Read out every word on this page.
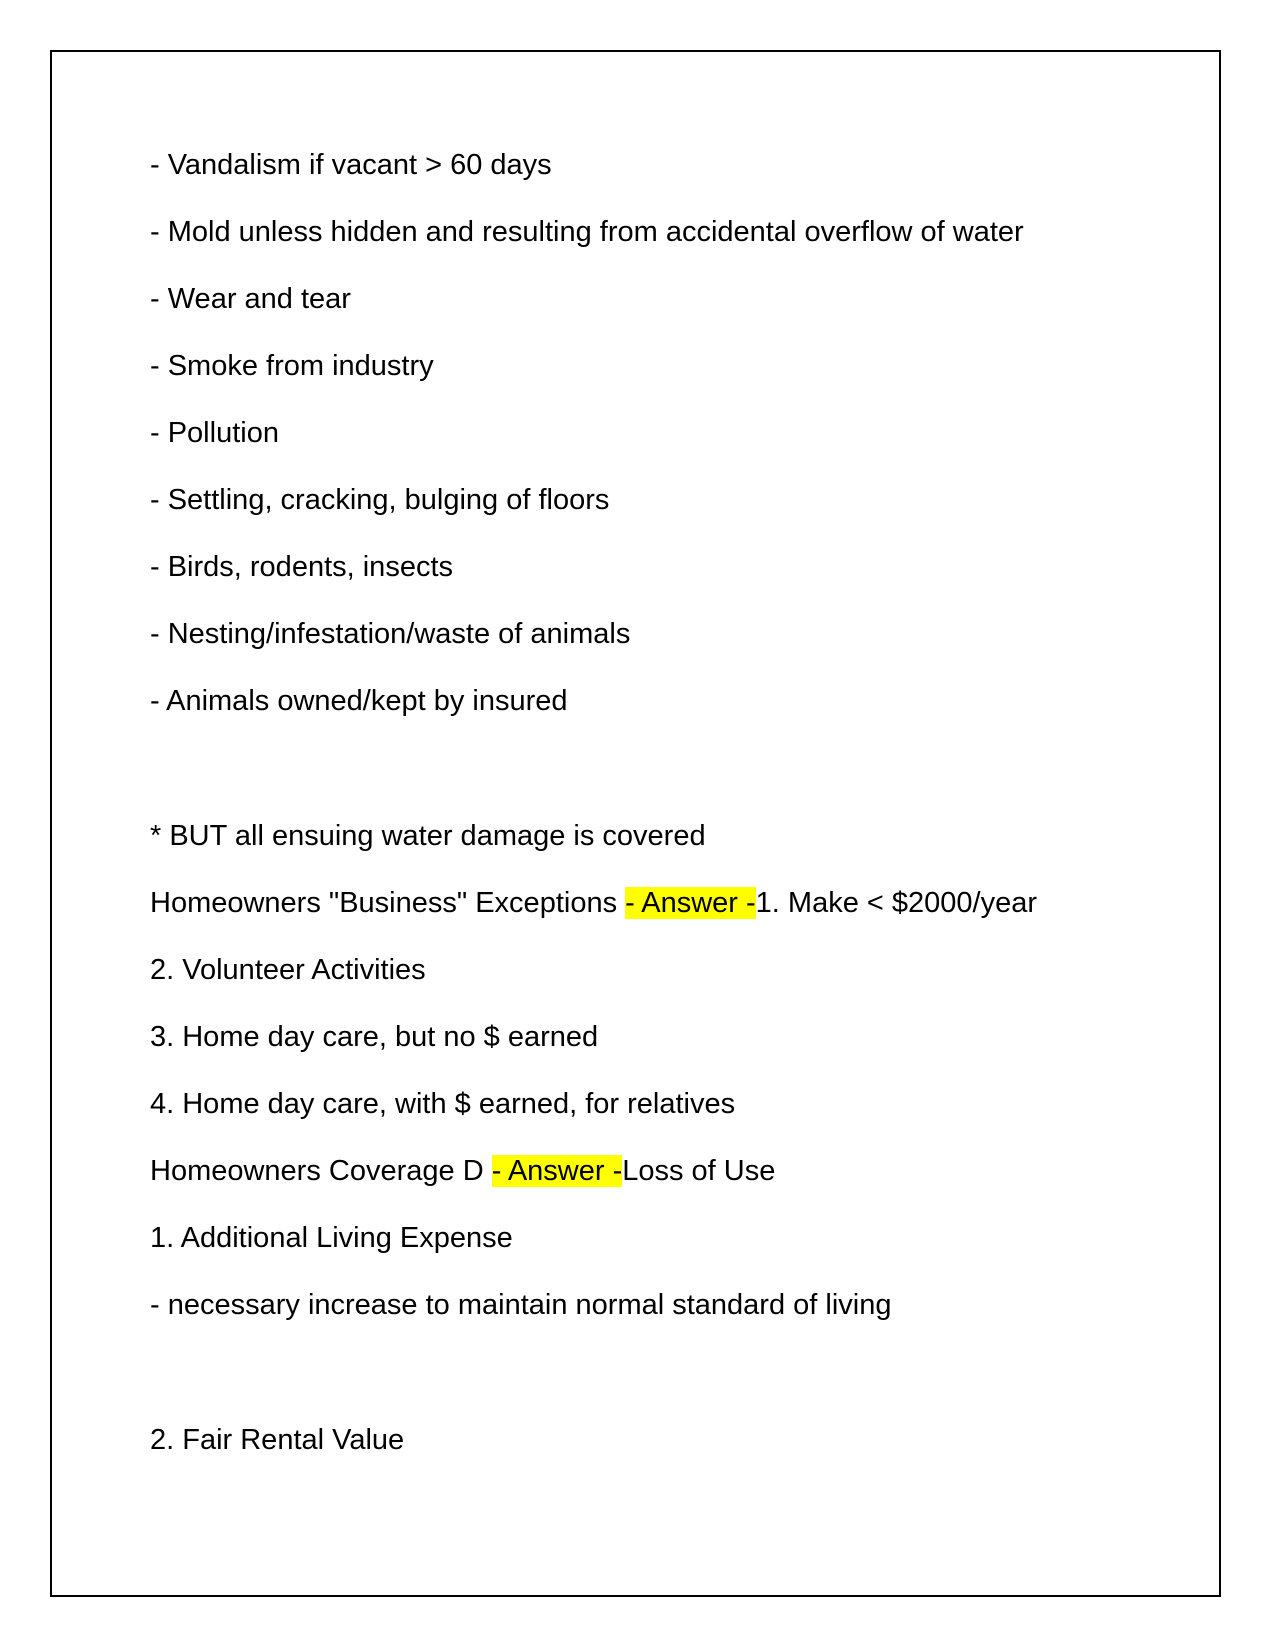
- Vandalism if vacant > 60 days
- Mold unless hidden and resulting from accidental overflow of water
- Wear and tear
- Smoke from industry
- Pollution
- Settling, cracking, bulging of floors
- Birds, rodents, insects
- Nesting/infestation/waste of animals
- Animals owned/kept by insured
* BUT all ensuing water damage is covered
Homeowners "Business" Exceptions - Answer -1. Make < $2000/year
2. Volunteer Activities
3. Home day care, but no $ earned
4. Home day care, with $ earned, for relatives
Homeowners Coverage D - Answer -Loss of Use
1. Additional Living Expense
- necessary increase to maintain normal standard of living
2. Fair Rental Value
